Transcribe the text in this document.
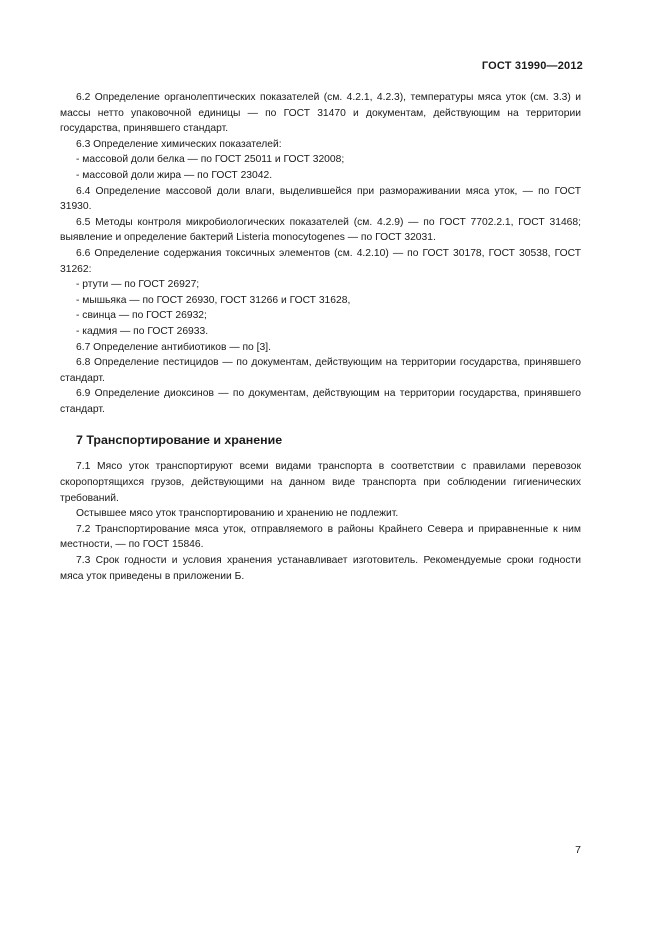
ГОСТ 31990—2012

6.2 Определение органолептических показателей (см. 4.2.1, 4.2.3), температуры мяса уток (см. 3.3) и массы нетто упаковочной единицы — по ГОСТ 31470 и документам, действующим на территории государства, принявшего стандарт.

6.3 Определение химических показателей:

- массовой доли белка — по ГОСТ 25011 и ГОСТ 32008;

- массовой доли жира — по ГОСТ 23042.

6.4 Определение массовой доли влаги, выделившейся при размораживании мяса уток, — по ГОСТ 31930.

6.5 Методы контроля микробиологических показателей (см. 4.2.9) — по ГОСТ 7702.2.1, ГОСТ 31468; выявление и определение бактерий Listeria monocytogenes — по ГОСТ 32031.

6.6 Определение содержания токсичных элементов (см. 4.2.10) — по ГОСТ 30178, ГОСТ 30538, ГОСТ 31262:

- ртути — по ГОСТ 26927;

- мышьяка — по ГОСТ 26930, ГОСТ 31266 и ГОСТ 31628,

- свинца — по ГОСТ 26932;

- кадмия — по ГОСТ 26933.

6.7 Определение антибиотиков — по [3].

6.8 Определение пестицидов — по документам, действующим на территории государства, принявшего стандарт.

6.9 Определение диоксинов — по документам, действующим на территории государства, принявшего стандарт.

7 Транспортирование и хранение

7.1 Мясо уток транспортируют всеми видами транспорта в соответствии с правилами перевозок скоропортящихся грузов, действующими на данном виде транспорта при соблюдении гигиенических требований.

Остывшее мясо уток транспортированию и хранению не подлежит.

7.2 Транспортирование мяса уток, отправляемого в районы Крайнего Севера и приравненные к ним местности, — по ГОСТ 15846.

7.3 Срок годности и условия хранения устанавливает изготовитель. Рекомендуемые сроки годности мяса уток приведены в приложении Б.

7
